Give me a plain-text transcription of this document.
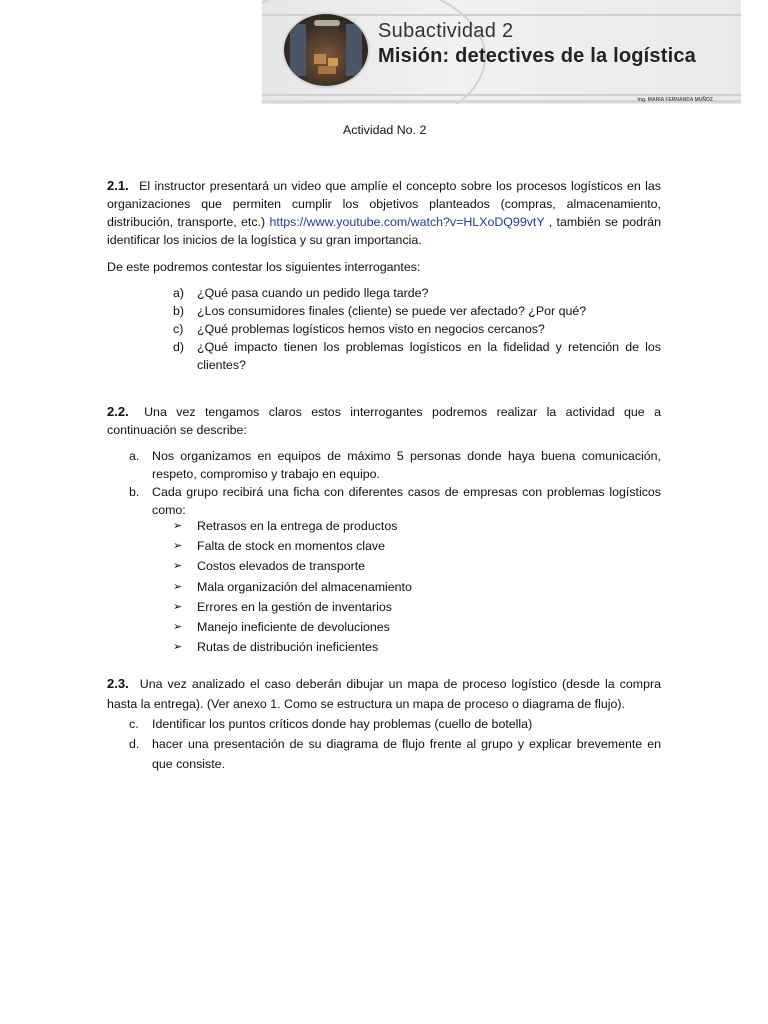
Subactividad 2
Misión: detectives de la logística
Ing. MARIA FERNANDA MUÑOZ
Actividad No. 2
2.1. El instructor presentará un video que amplíe el concepto sobre los procesos logísticos en las organizaciones que permiten cumplir los objetivos planteados (compras, almacenamiento, distribución, transporte, etc.) https://www.youtube.com/watch?v=HLXoDQ99vtY , también se podrán identificar los inicios de la logística y su gran importancia.
De este podremos contestar los siguientes interrogantes:
a) ¿Qué pasa cuando un pedido llega tarde?
b) ¿Los consumidores finales (cliente) se puede ver afectado? ¿Por qué?
c) ¿Qué problemas logísticos hemos visto en negocios cercanos?
d) ¿Qué impacto tienen los problemas logísticos en la fidelidad y retención de los clientes?
2.2. Una vez tengamos claros estos interrogantes podremos realizar la actividad que a continuación se describe:
a. Nos organizamos en equipos de máximo 5 personas donde haya buena comunicación, respeto, compromiso y trabajo en equipo.
b. Cada grupo recibirá una ficha con diferentes casos de empresas con problemas logísticos como:
➢ Retrasos en la entrega de productos
➢ Falta de stock en momentos clave
➢ Costos elevados de transporte
➢ Mala organización del almacenamiento
➢ Errores en la gestión de inventarios
➢ Manejo ineficiente de devoluciones
➢ Rutas de distribución ineficientes
2.3. Una vez analizado el caso deberán dibujar un mapa de proceso logístico (desde la compra hasta la entrega). (Ver anexo 1. Como se estructura un mapa de proceso o diagrama de flujo).
c. Identificar los puntos críticos donde hay problemas (cuello de botella)
d. hacer una presentación de su diagrama de flujo frente al grupo y explicar brevemente en que consiste.
